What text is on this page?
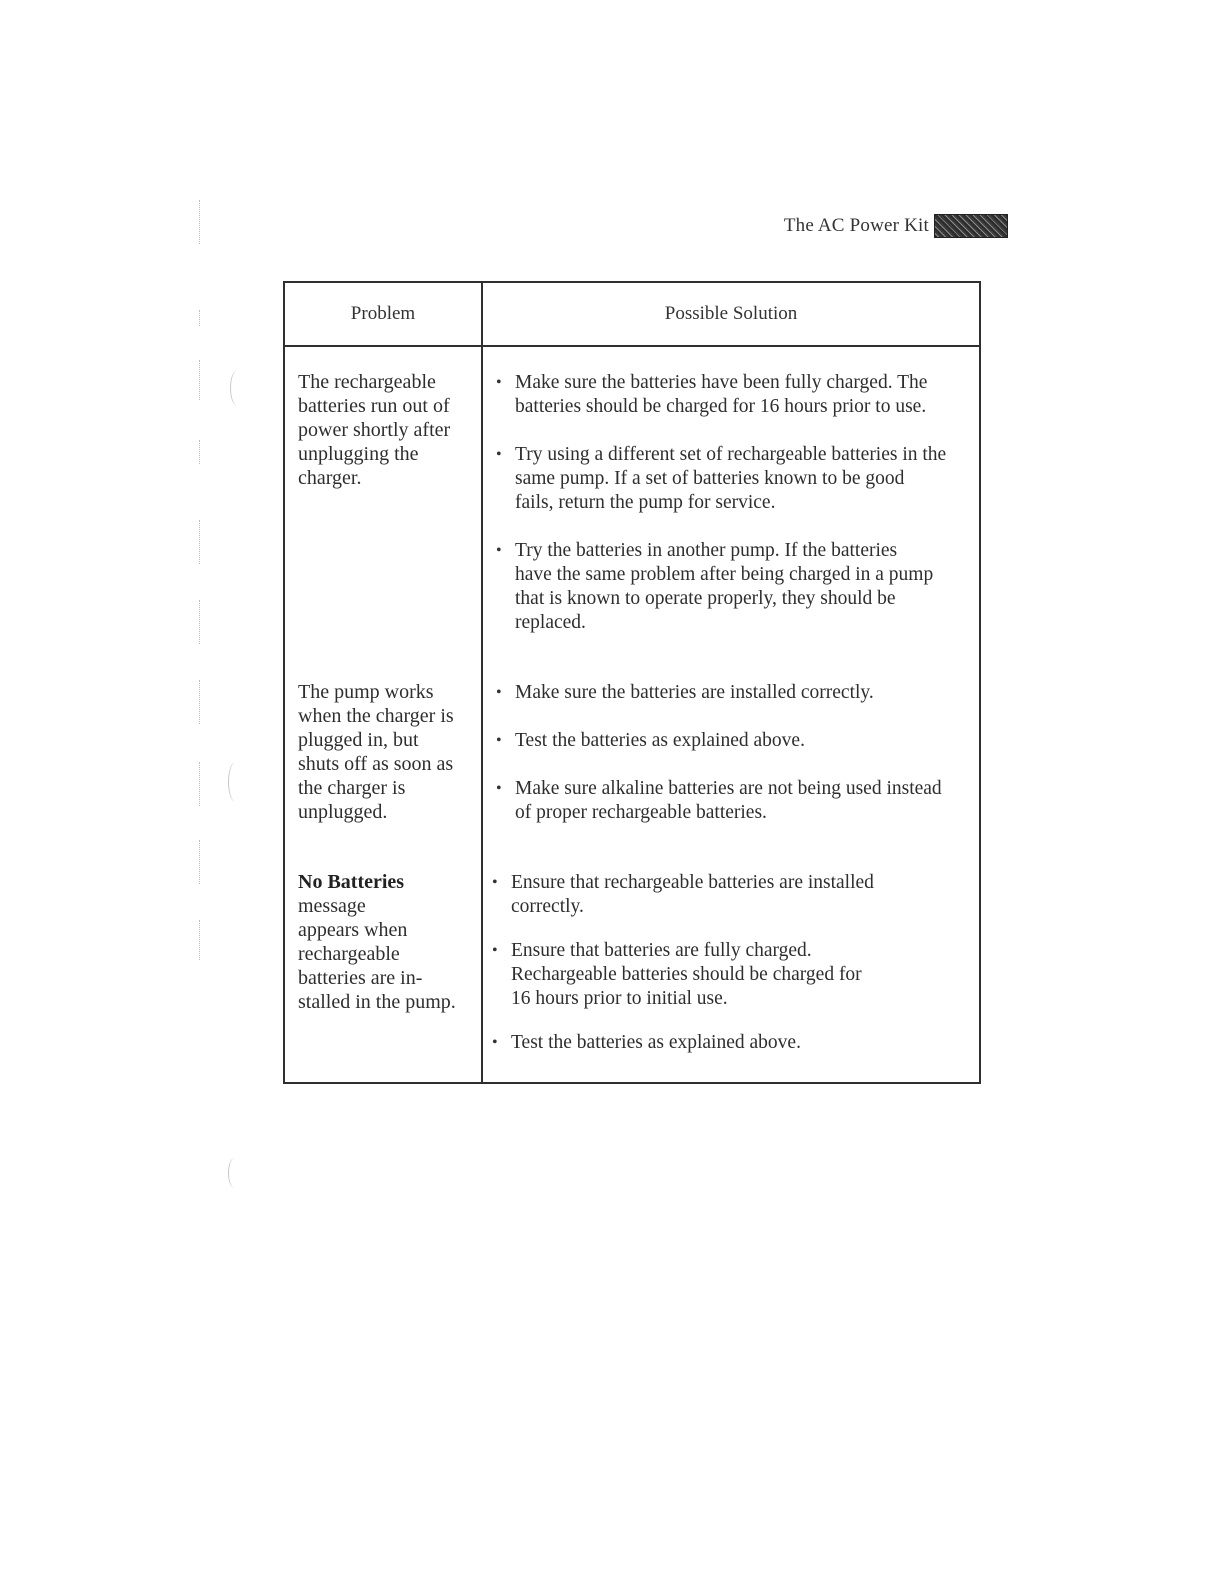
The AC Power Kit
Problem	Possible Solution
The rechargeable
batteries run out of
power shortly after
unplugging the
charger.
• Make sure the batteries have been fully charged. The
batteries should be charged for 16 hours prior to use.
• Try using a different set of rechargeable batteries in the
same pump. If a set of batteries known to be good
fails, return the pump for service.
• Try the batteries in another pump. If the batteries
have the same problem after being charged in a pump
that is known to operate properly, they should be
replaced.
The pump works
when the charger is
plugged in, but
shuts off as soon as
the charger is
unplugged.
• Make sure the batteries are installed correctly.
• Test the batteries as explained above.
• Make sure alkaline batteries are not being used instead
of proper rechargeable batteries.
No Batteries
message
appears when
rechargeable
batteries are in-
stalled in the pump.
• Ensure that rechargeable batteries are installed
correctly.
• Ensure that batteries are fully charged.
Rechargeable batteries should be charged for
16 hours prior to initial use.
• Test the batteries as explained above.
